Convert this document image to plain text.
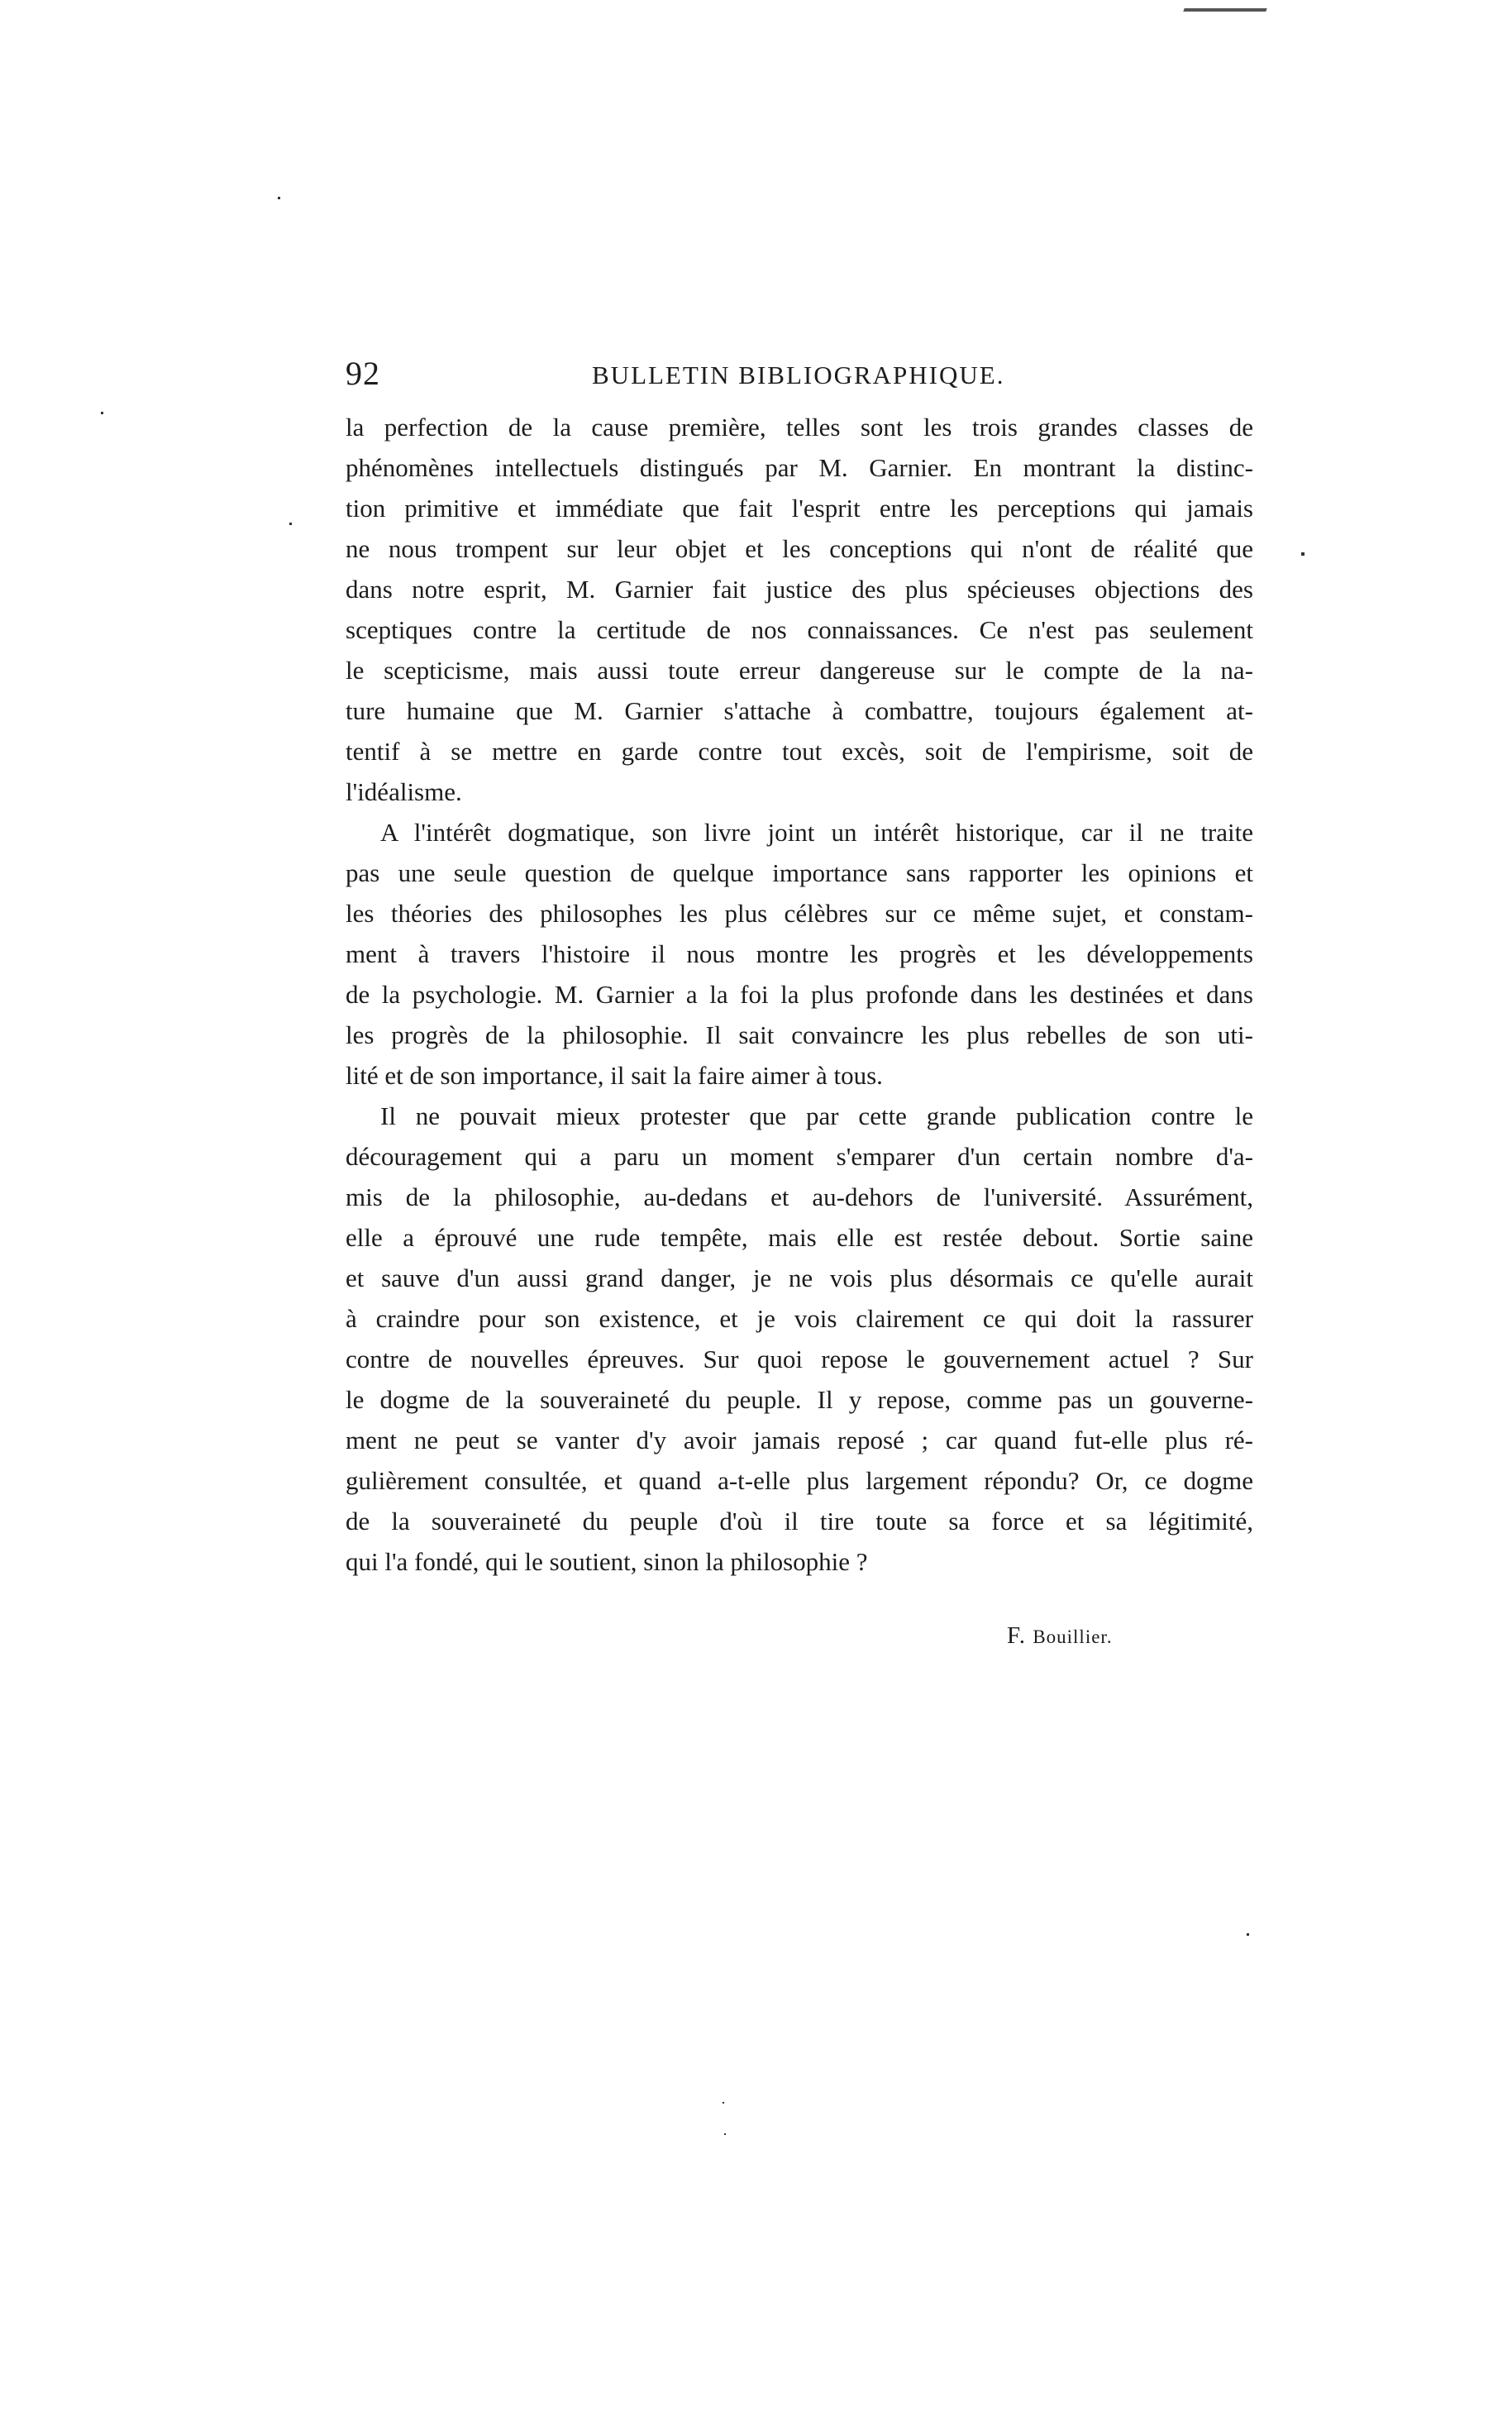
92	BULLETIN BIBLIOGRAPHIQUE.
la perfection de la cause première, telles sont les trois grandes classes de
phénomènes intellectuels distingués par M. Garnier. En montrant la distinc-
tion primitive et immédiate que fait l'esprit entre les perceptions qui jamais
ne nous trompent sur leur objet et les conceptions qui n'ont de réalité que
dans notre esprit, M. Garnier fait justice des plus spécieuses objections des
sceptiques contre la certitude de nos connaissances. Ce n'est pas seulement
le scepticisme, mais aussi toute erreur dangereuse sur le compte de la na-
ture humaine que M. Garnier s'attache à combattre, toujours également at-
tentif à se mettre en garde contre tout excès, soit de l'empirisme, soit de
l'idéalisme.
A l'intérêt dogmatique, son livre joint un intérêt historique, car il ne traite
pas une seule question de quelque importance sans rapporter les opinions et
les théories des philosophes les plus célèbres sur ce même sujet, et constam-
ment à travers l'histoire il nous montre les progrès et les développements
de la psychologie. M. Garnier a la foi la plus profonde dans les destinées et dans
les progrès de la philosophie. Il sait convaincre les plus rebelles de son uti-
lité et de son importance, il sait la faire aimer à tous.
Il ne pouvait mieux protester que par cette grande publication contre le
découragement qui a paru un moment s'emparer d'un certain nombre d'a-
mis de la philosophie, au-dedans et au-dehors de l'université. Assurément,
elle a éprouvé une rude tempête, mais elle est restée debout. Sortie saine
et sauve d'un aussi grand danger, je ne vois plus désormais ce qu'elle aurait
à craindre pour son existence, et je vois clairement ce qui doit la rassurer
contre de nouvelles épreuves. Sur quoi repose le gouvernement actuel ? Sur
le dogme de la souveraineté du peuple. Il y repose, comme pas un gouverne-
ment ne peut se vanter d'y avoir jamais reposé ; car quand fut-elle plus ré-
gulièrement consultée, et quand a-t-elle plus largement répondu? Or, ce dogme
de la souveraineté du peuple d'où il tire toute sa force et sa légitimité,
qui l'a fondé, qui le soutient, sinon la philosophie ?
F. Bouillier.
